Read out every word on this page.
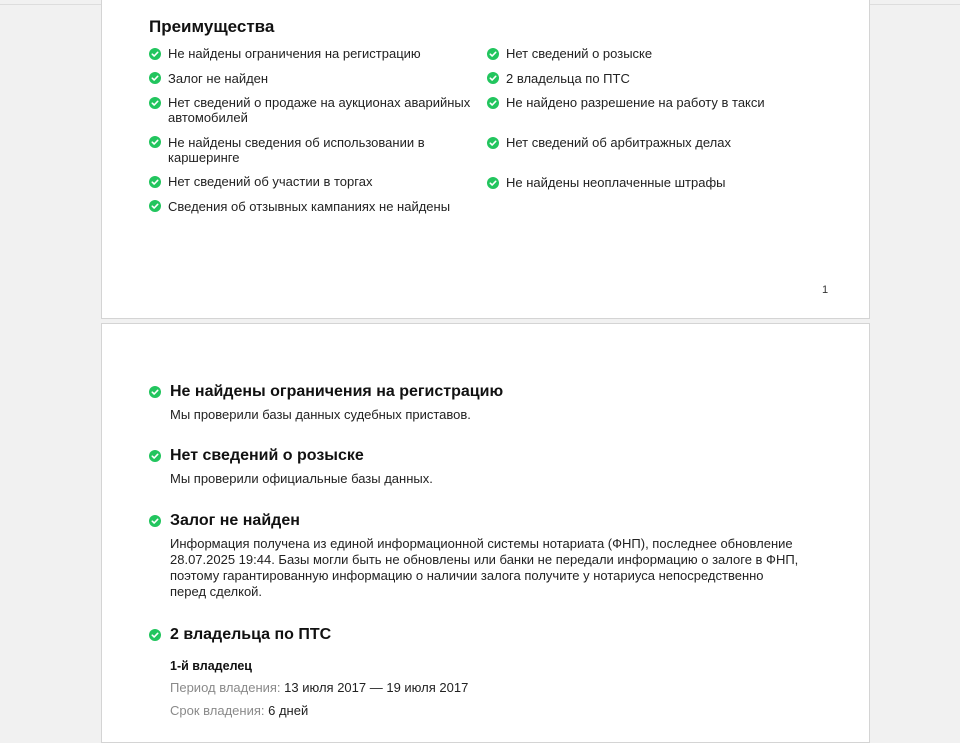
Преимущества
Не найдены ограничения на регистрацию
Залог не найден
Нет сведений о продаже на аукционах аварийных автомобилей
Не найдены сведения об использовании в каршеринге
Нет сведений об участии в торгах
Сведения об отзывных кампаниях не найдены
Нет сведений о розыске
2 владельца по ПТС
Не найдено разрешение на работу в такси
Нет сведений об арбитражных делах
Не найдены неоплаченные штрафы
1
Не найдены ограничения на регистрацию
Мы проверили базы данных судебных приставов.
Нет сведений о розыске
Мы проверили официальные базы данных.
Залог не найден
Информация получена из единой информационной системы нотариата (ФНП), последнее обновление 28.07.2025 19:44. Базы могли быть не обновлены или банки не передали информацию о залоге в ФНП, поэтому гарантированную информацию о наличии залога получите у нотариуса непосредственно перед сделкой.
2 владельца по ПТС
1-й владелец
Период владения: 13 июля 2017 — 19 июля 2017
Срок владения: 6 дней
